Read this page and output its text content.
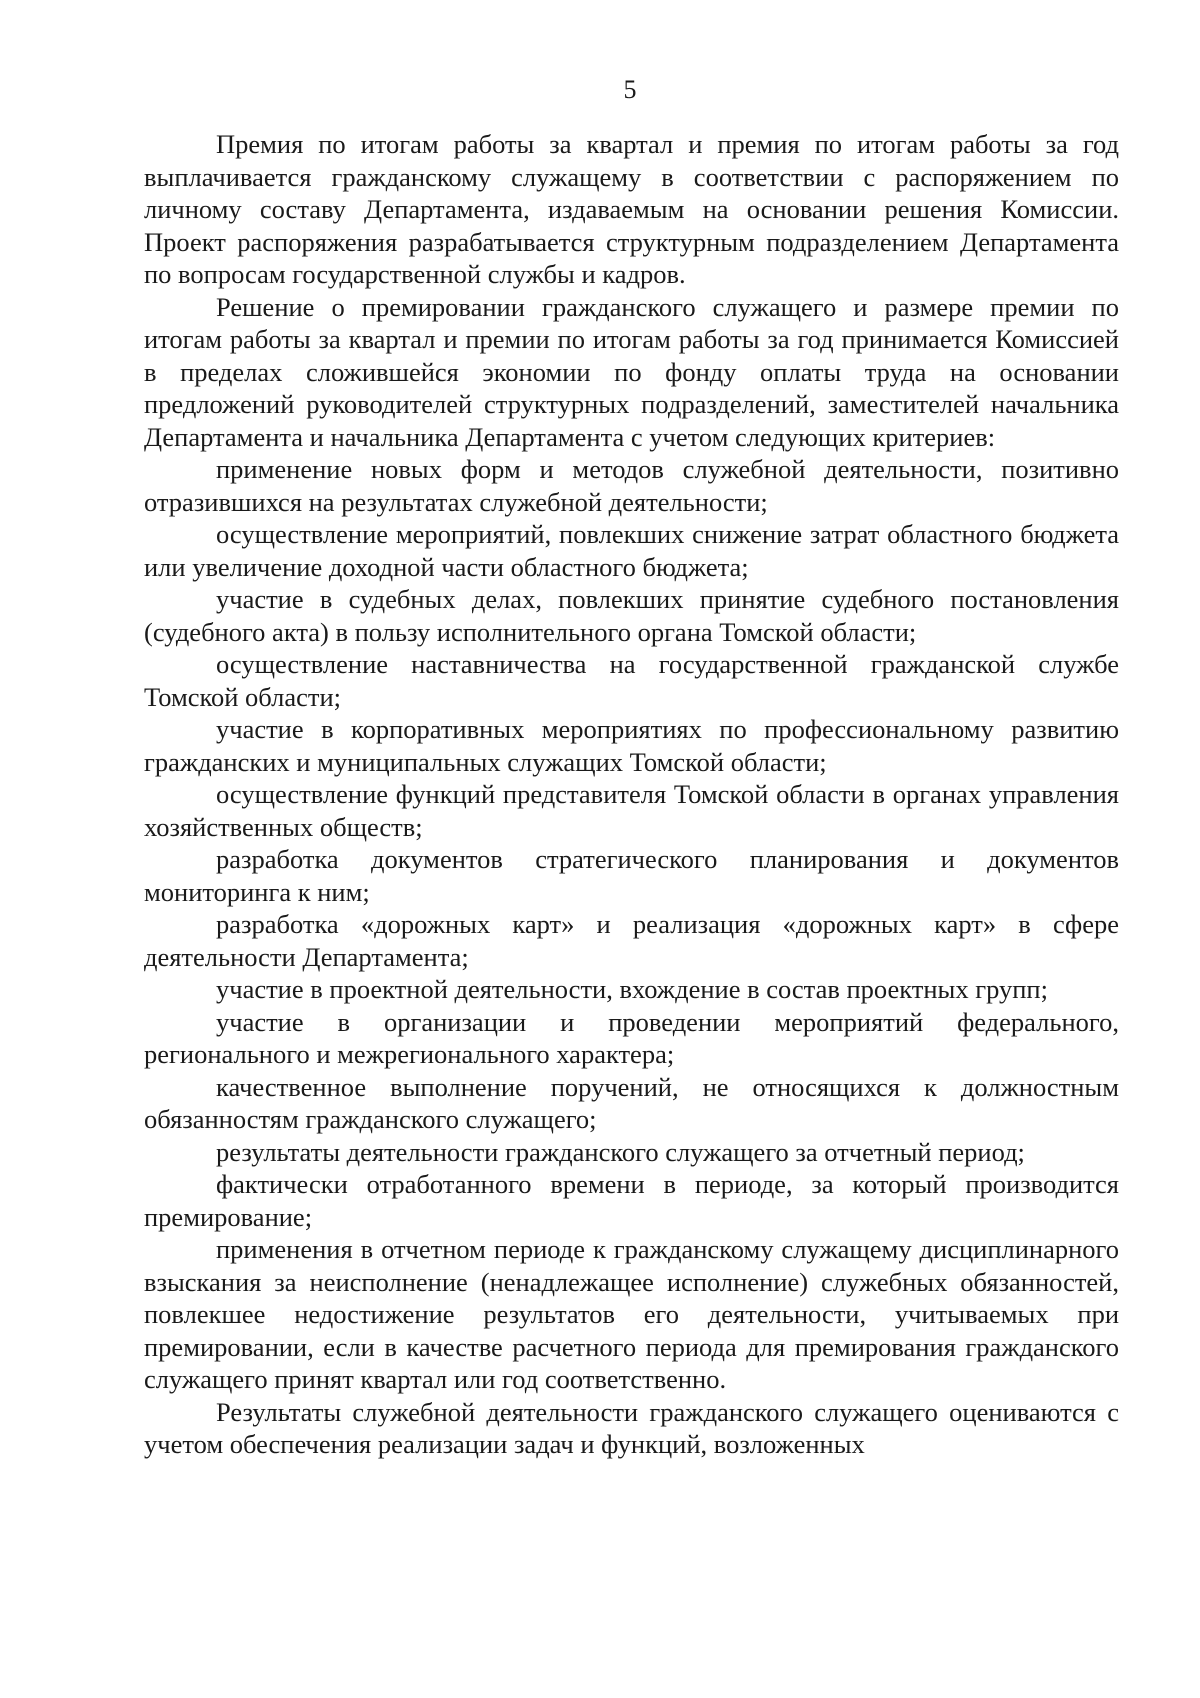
5

Премия по итогам работы за квартал и премия по итогам работы за год выплачивается гражданскому служащему в соответствии с распоряжением по личному составу Департамента, издаваемым на основании решения Комиссии. Проект распоряжения разрабатывается структурным подразделением Департамента по вопросам государственной службы и кадров.

Решение о премировании гражданского служащего и размере премии по итогам работы за квартал и премии по итогам работы за год принимается Комиссией в пределах сложившейся экономии по фонду оплаты труда на основании предложений руководителей структурных подразделений, заместителей начальника Департамента и начальника Департамента с учетом следующих критериев:

применение новых форм и методов служебной деятельности, позитивно отразившихся на результатах служебной деятельности;

осуществление мероприятий, повлекших снижение затрат областного бюджета или увеличение доходной части областного бюджета;

участие в судебных делах, повлекших принятие судебного постановления (судебного акта) в пользу исполнительного органа Томской области;

осуществление наставничества на государственной гражданской службе Томской области;

участие в корпоративных мероприятиях по профессиональному развитию гражданских и муниципальных служащих Томской области;

осуществление функций представителя Томской области в органах управления хозяйственных обществ;

разработка документов стратегического планирования и документов мониторинга к ним;

разработка «дорожных карт» и реализация «дорожных карт» в сфере деятельности Департамента;

участие в проектной деятельности, вхождение в состав проектных групп;

участие в организации и проведении мероприятий федерального, регионального и межрегионального характера;

качественное выполнение поручений, не относящихся к должностным обязанностям гражданского служащего;

результаты деятельности гражданского служащего за отчетный период;

фактически отработанного времени в периоде, за который производится премирование;

применения в отчетном периоде к гражданскому служащему дисциплинарного взыскания за неисполнение (ненадлежащее исполнение) служебных обязанностей, повлекшее недостижение результатов его деятельности, учитываемых при премировании, если в качестве расчетного периода для премирования гражданского служащего принят квартал или год соответственно.

Результаты служебной деятельности гражданского служащего оцениваются с учетом обеспечения реализации задач и функций, возложенных
